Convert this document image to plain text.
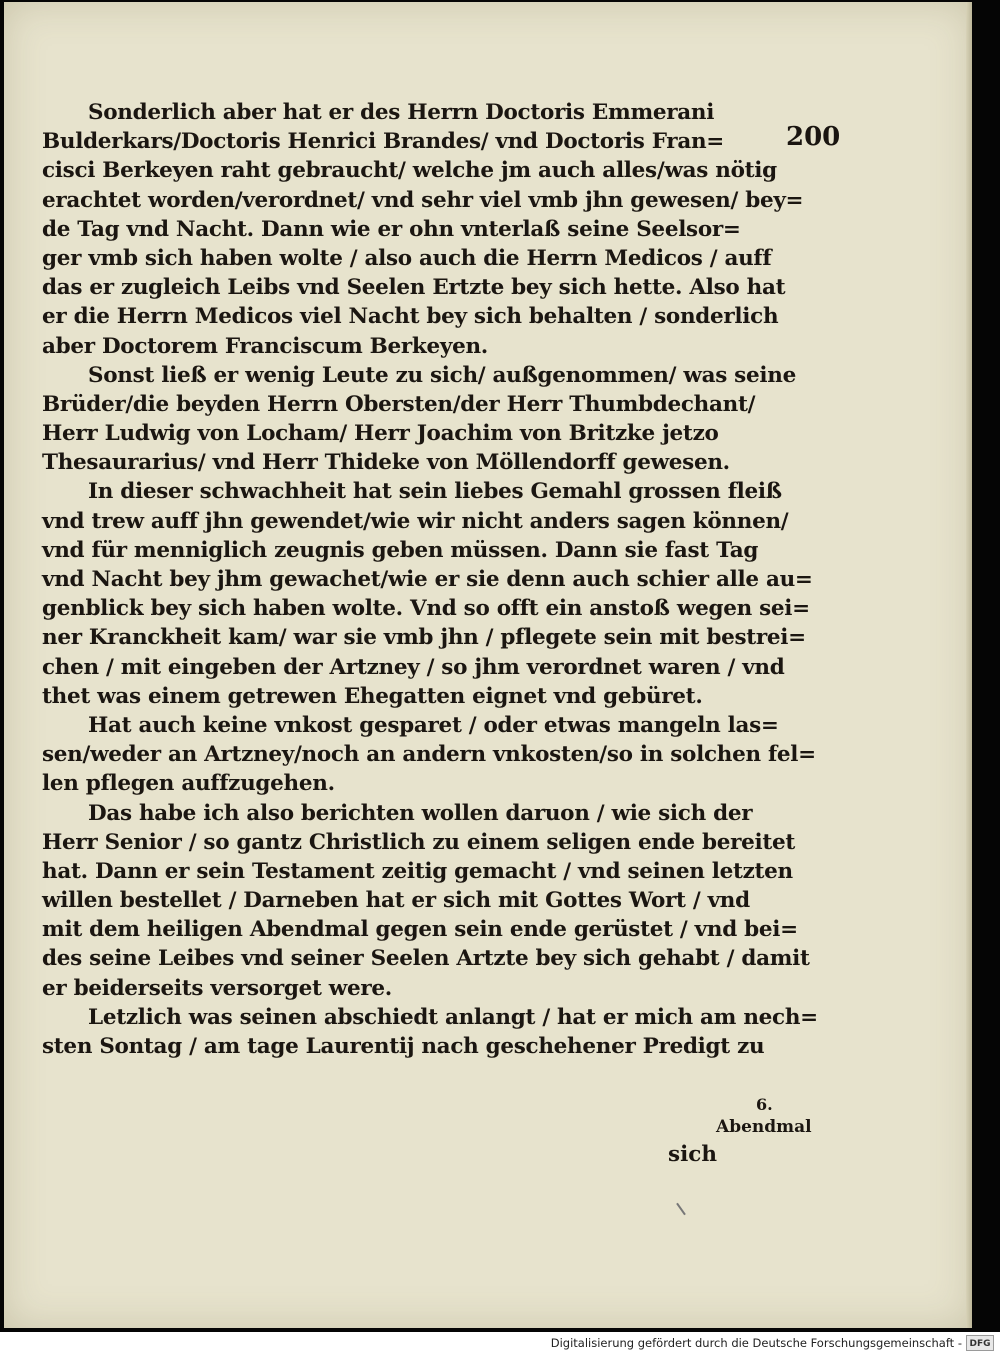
200
Sonderlich aber hat er des Herrn Doctoris Emmerani
Bulderkars/Doctoris Henrici Brandes/ vnd Doctoris Fran=
cisci Berkeyen raht gebraucht/ welche jm auch alles/was nötig
erachtet worden/verordnet/ vnd sehr viel vmb jhn gewesen/ bey=
de Tag vnd Nacht. Dann wie er ohn vnterlaß seine Seelsor=
ger vmb sich haben wolte / also auch die Herrn Medicos / auff
das er zugleich Leibs vnd Seelen Ertzte bey sich hette. Also hat
er die Herrn Medicos viel Nacht bey sich behalten / sonderlich
aber Doctorem Franciscum Berkeyen.
Sonst ließ er wenig Leute zu sich/ außgenommen/ was seine
Brüder/die beyden Herrn Obersten/der Herr Thumbdechant/
Herr Ludwig von Locham/ Herr Joachim von Britzke jetzo
Thesaurarius/ vnd Herr Thideke von Möllendorff gewesen.
In dieser schwachheit hat sein liebes Gemahl grossen fleiß
vnd trew auff jhn gewendet/wie wir nicht anders sagen können/
vnd für menniglich zeugnis geben müssen. Dann sie fast Tag
vnd Nacht bey jhm gewachet/wie er sie denn auch schier alle au=
genblick bey sich haben wolte. Vnd so offt ein anstoß wegen sei=
ner Kranckheit kam/ war sie vmb jhn / pflegete sein mit bestrei=
chen / mit eingeben der Artzney / so jhm verordnet waren / vnd
thet was einem getrewen Ehegatten eignet vnd gebüret.
Hat auch keine vnkost gesparet / oder etwas mangeln las=
sen/weder an Artzney/noch an andern vnkosten/so in solchen fel=
len pflegen auffzugehen.
Das habe ich also berichten wollen daruon / wie sich der
Herr Senior / so gantz Christlich zu einem seligen ende bereitet
hat. Dann er sein Testament zeitig gemacht / vnd seinen letzten
willen bestellet / Darneben hat er sich mit Gottes Wort / vnd
mit dem heiligen Abendmal gegen sein ende gerüstet / vnd bei=
des seine Leibes vnd seiner Seelen Artzte bey sich gehabt / damit
er beiderseits versorget were.
Letzlich was seinen abschiedt anlangt / hat er mich am nech=
sten Sontag / am tage Laurentij nach geschehener Predigt zu
6.
Abendmal
sich
Digitalisierung gefördert durch die Deutsche Forschungsgemeinschaft - DFG
